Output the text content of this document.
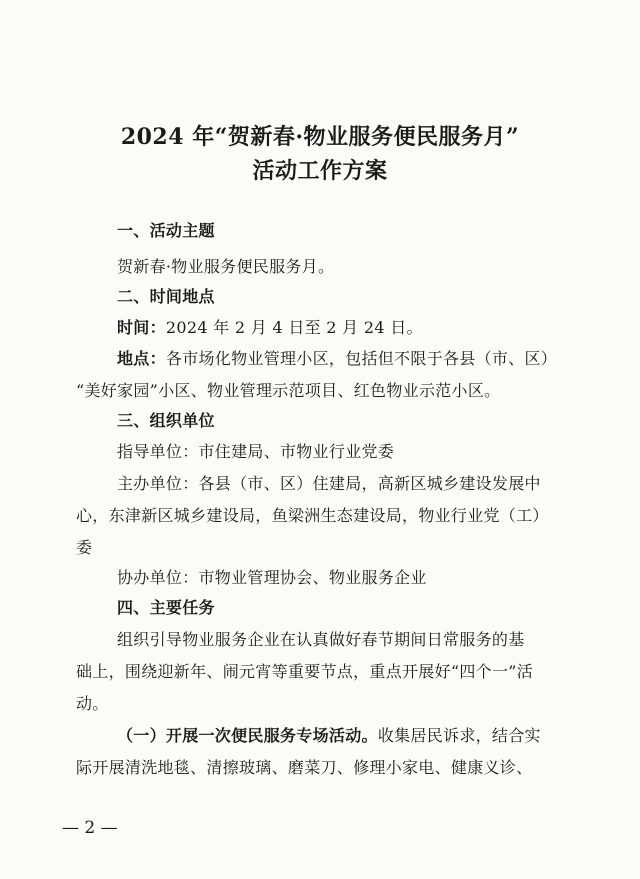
2024 年“贺新春·物业服务便民服务月”
活动工作方案
一、活动主题
贺新春·物业服务便民服务月。
二、时间地点
时间：2024 年 2 月 4 日至 2 月 24 日。
地点：各市场化物业管理小区，包括但不限于各县（市、区）
“美好家园”小区、物业管理示范项目、红色物业示范小区。
三、组织单位
指导单位：市住建局、市物业行业党委
主办单位：各县（市、区）住建局，高新区城乡建设发展中
心，东津新区城乡建设局，鱼梁洲生态建设局，物业行业党（工）
委
协办单位：市物业管理协会、物业服务企业
四、主要任务
组织引导物业服务企业在认真做好春节期间日常服务的基
础上，围绕迎新年、闹元宵等重要节点，重点开展好“四个一”活
动。
（一）开展一次便民服务专场活动。收集居民诉求，结合实
际开展清洗地毯、清擦玻璃、磨菜刀、修理小家电、健康义诊、
— 2 —
